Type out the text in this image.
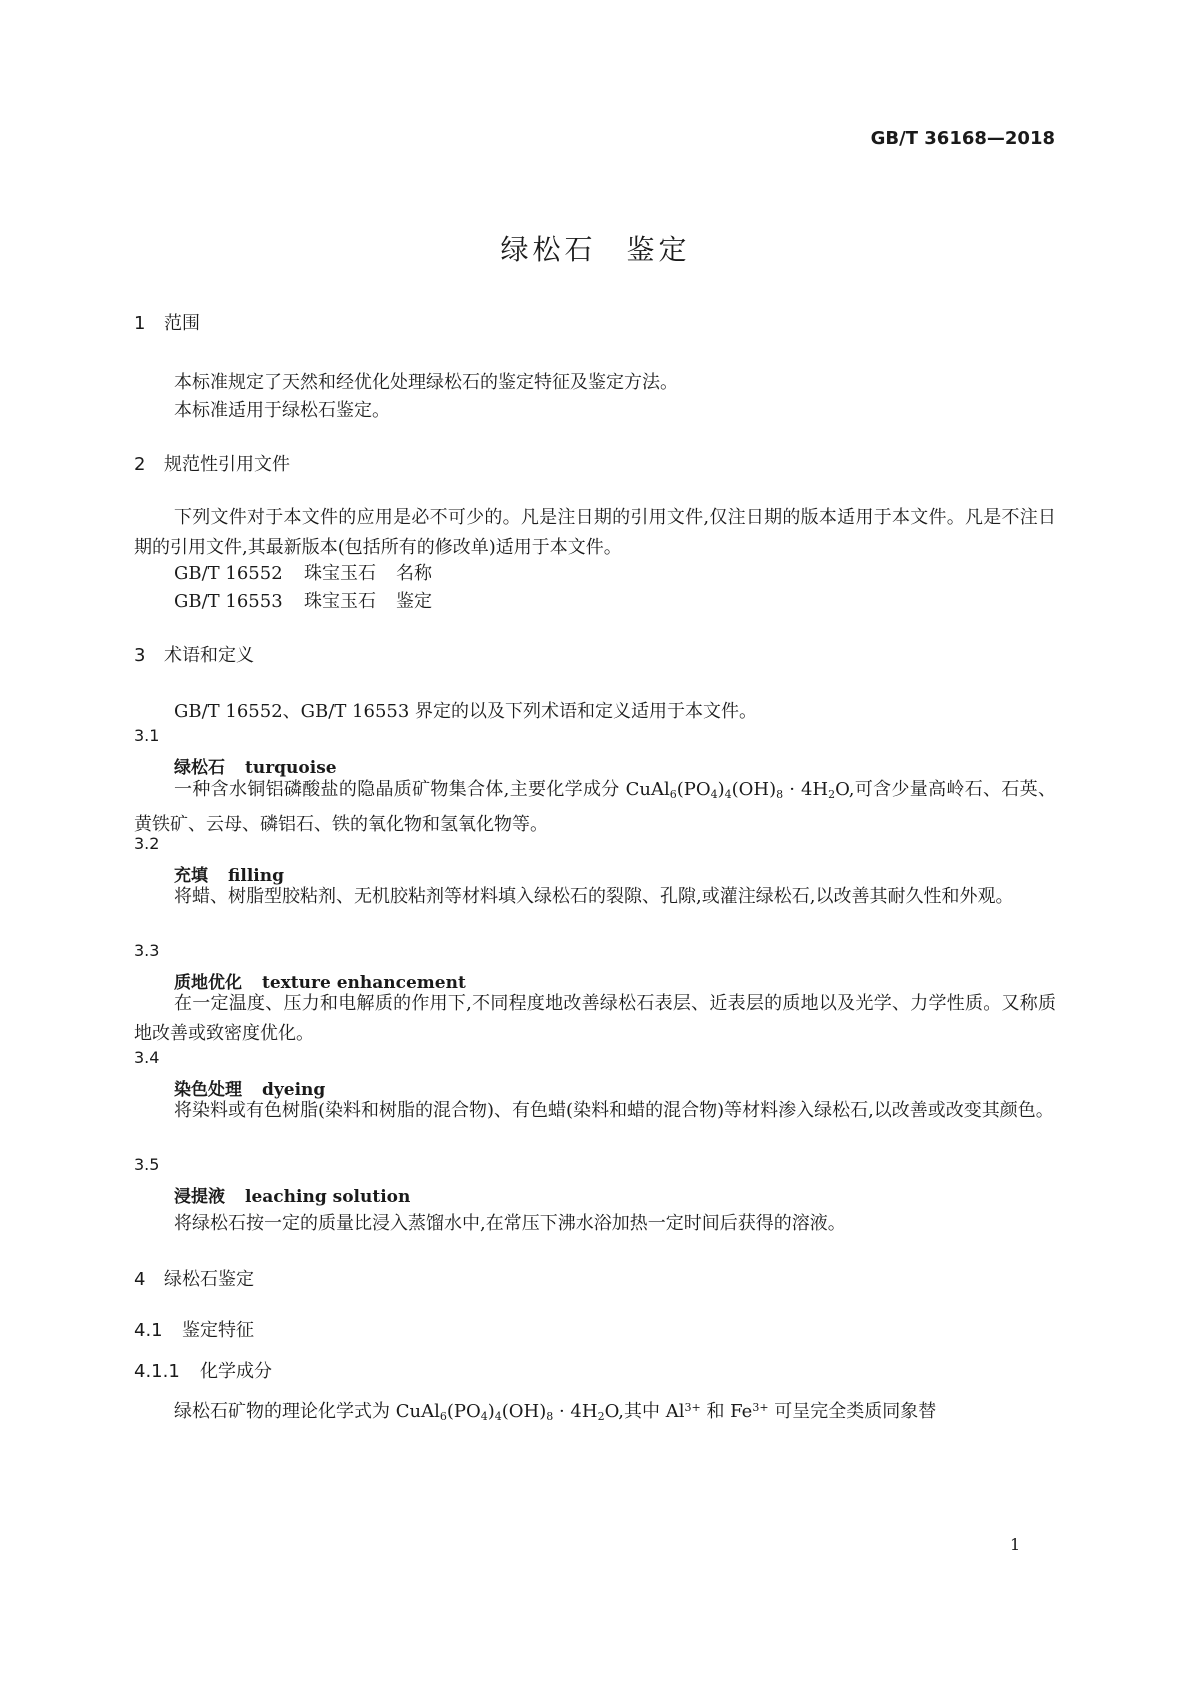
GB/T 36168—2018
绿松石 鉴定
1 范围
本标准规定了天然和经优化处理绿松石的鉴定特征及鉴定方法。
本标准适用于绿松石鉴定。
2 规范性引用文件
下列文件对于本文件的应用是必不可少的。凡是注日期的引用文件,仅注日期的版本适用于本文件。凡是不注日期的引用文件,其最新版本(包括所有的修改单)适用于本文件。
GB/T 16552 珠宝玉石 名称
GB/T 16553 珠宝玉石 鉴定
3 术语和定义
GB/T 16552、GB/T 16553 界定的以及下列术语和定义适用于本文件。
3.1
绿松石 turquoise
一种含水铜铝磷酸盐的隐晶质矿物集合体,主要化学成分 $CuAl_6(PO_4)_4(OH)_8 \cdot 4H_2O$,可含少量高岭石、石英、黄铁矿、云母、磷铝石、铁的氧化物和氢氧化物等。
3.2
充填 filling
将蜡、树脂型胶粘剂、无机胶粘剂等材料填入绿松石的裂隙、孔隙,或灌注绿松石,以改善其耐久性和外观。
3.3
质地优化 texture enhancement
在一定温度、压力和电解质的作用下,不同程度地改善绿松石表层、近表层的质地以及光学、力学性质。又称质地改善或致密度优化。
3.4
染色处理 dyeing
将染料或有色树脂(染料和树脂的混合物)、有色蜡(染料和蜡的混合物)等材料渗入绿松石,以改善或改变其颜色。
3.5
浸提液 leaching solution
将绿松石按一定的质量比浸入蒸馏水中,在常压下沸水浴加热一定时间后获得的溶液。
4 绿松石鉴定
4.1 鉴定特征
4.1.1 化学成分
绿松石矿物的理论化学式为 $CuAl_6(PO_4)_4(OH)_8 \cdot 4H_2O$,其中 $Al^{3+}$ 和 $Fe^{3+}$ 可呈完全类质同象替
1
